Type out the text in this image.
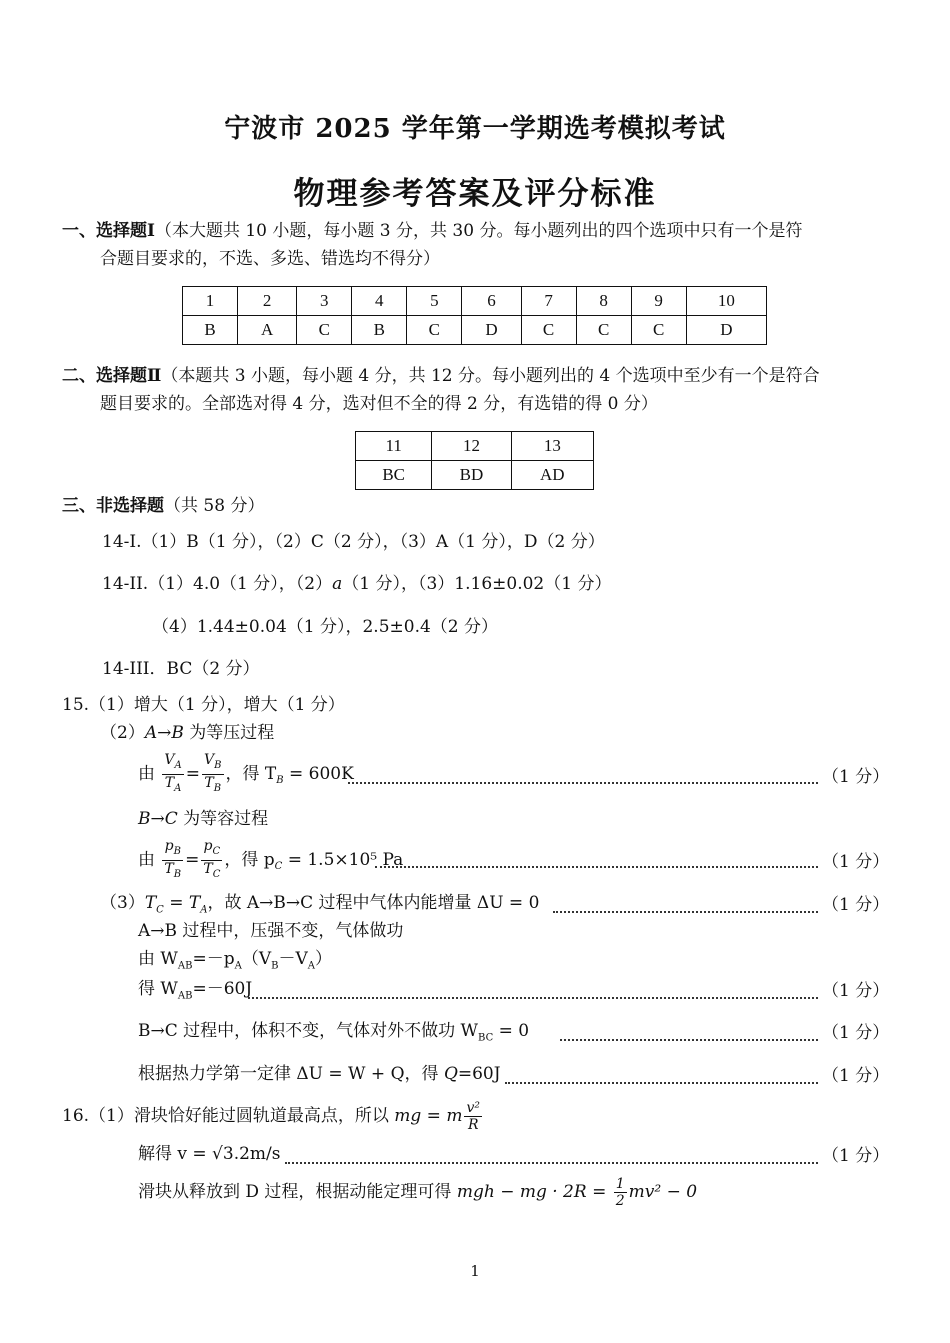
宁波市 2025 学年第一学期选考模拟考试
物理参考答案及评分标准
一、选择题Ⅰ（本大题共 10 小题，每小题 3 分，共 30 分。每小题列出的四个选项中只有一个是符
合题目要求的，不选、多选、错选均不得分）
1	2	3	4	5	6	7	8	9	10
B	A	C	B	C	D	C	C	C	D
二、选择题Ⅱ（本题共 3 小题，每小题 4 分，共 12 分。每小题列出的 4 个选项中至少有一个是符合
题目要求的。全部选对得 4 分，选对但不全的得 2 分，有选错的得 0 分）
11	12	13
BC	BD	AD
三、非选择题（共 58 分）
14-I.（1）B（1 分），（2）C（2 分），（3）A（1 分），D（2 分）
14-II.（1）4.0（1 分），（2）a（1 分），（3）1.16±0.02（1 分）
（4）1.44±0.04（1 分），2.5±0.4（2 分）
14-III．BC（2 分）
15.（1）增大（1 分），增大（1 分）
（2）A→B 为等压过程
由 $\frac{V_A}{T_A} = \frac{V_B}{T_B}$ ，得 $T_B = 600K$	（1 分）
B→C 为等容过程
由 $\frac{p_B}{T_B} = \frac{p_C}{T_C}$ ，得 $p_C = 1.5\times 10^5$ Pa	（1 分）
$(3)T_C = T_A$，故 A→B→C 过程中气体内能增量 ΔU = 0	（1 分）
A→B 过程中，压强不变，气体做功
由 $W_{AB}=-p_A(V_B-V_A)$
得 $W_{AB}=-60J$	（1 分）
B→C 过程中，体积不变，气体对外不做功 $W_{BC} = 0$	（1 分）
根据热力学第一定律 ΔU = W + Q，得 Q=60J	（1 分）
16.（1）滑块恰好能过圆轨道最高点，所以 mg = m $\frac{\text{v²}}{R}$
解得 v = √3.2m/s	（1 分）
滑块从释放到 D 过程，根据动能定理可得 mgh − mg · $2R = \frac{1}{2} mv^2 - 0$
1
